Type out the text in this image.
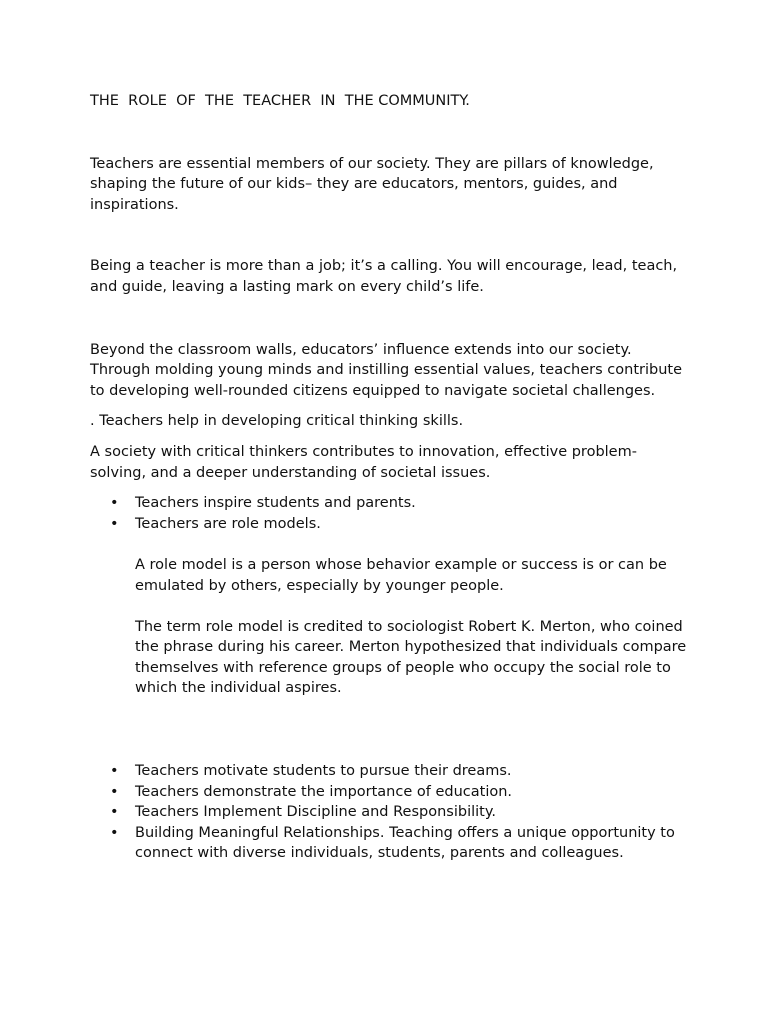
THE  ROLE  OF  THE  TEACHER  IN  THE COMMUNITY.

Teachers are essential members of our society. They are pillars of knowledge, shaping the future of our kids– they are educators, mentors, guides, and inspirations.

Being a teacher is more than a job; it’s a calling. You will encourage, lead, teach, and guide, leaving a lasting mark on every child’s life.

Beyond the classroom walls, educators’ influence extends into our society. Through molding young minds and instilling essential values, teachers contribute to developing well-rounded citizens equipped to navigate societal challenges.

. Teachers help in developing critical thinking skills.

A society with critical thinkers contributes to innovation, effective problem-solving, and a deeper understanding of societal issues.

• Teachers inspire students and parents.
• Teachers are role models.

A role model is a person whose behavior example or success is or can be emulated by others, especially by younger people.

The term role model is credited to sociologist Robert K. Merton, who coined the phrase during his career. Merton hypothesized that individuals compare themselves with reference groups of people who occupy the social role to which the individual aspires.

• Teachers motivate students to pursue their dreams.
• Teachers demonstrate the importance of education.
• Teachers Implement Discipline and Responsibility.
• Building Meaningful Relationships. Teaching offers a unique opportunity to connect with diverse individuals, students, parents and colleagues.
